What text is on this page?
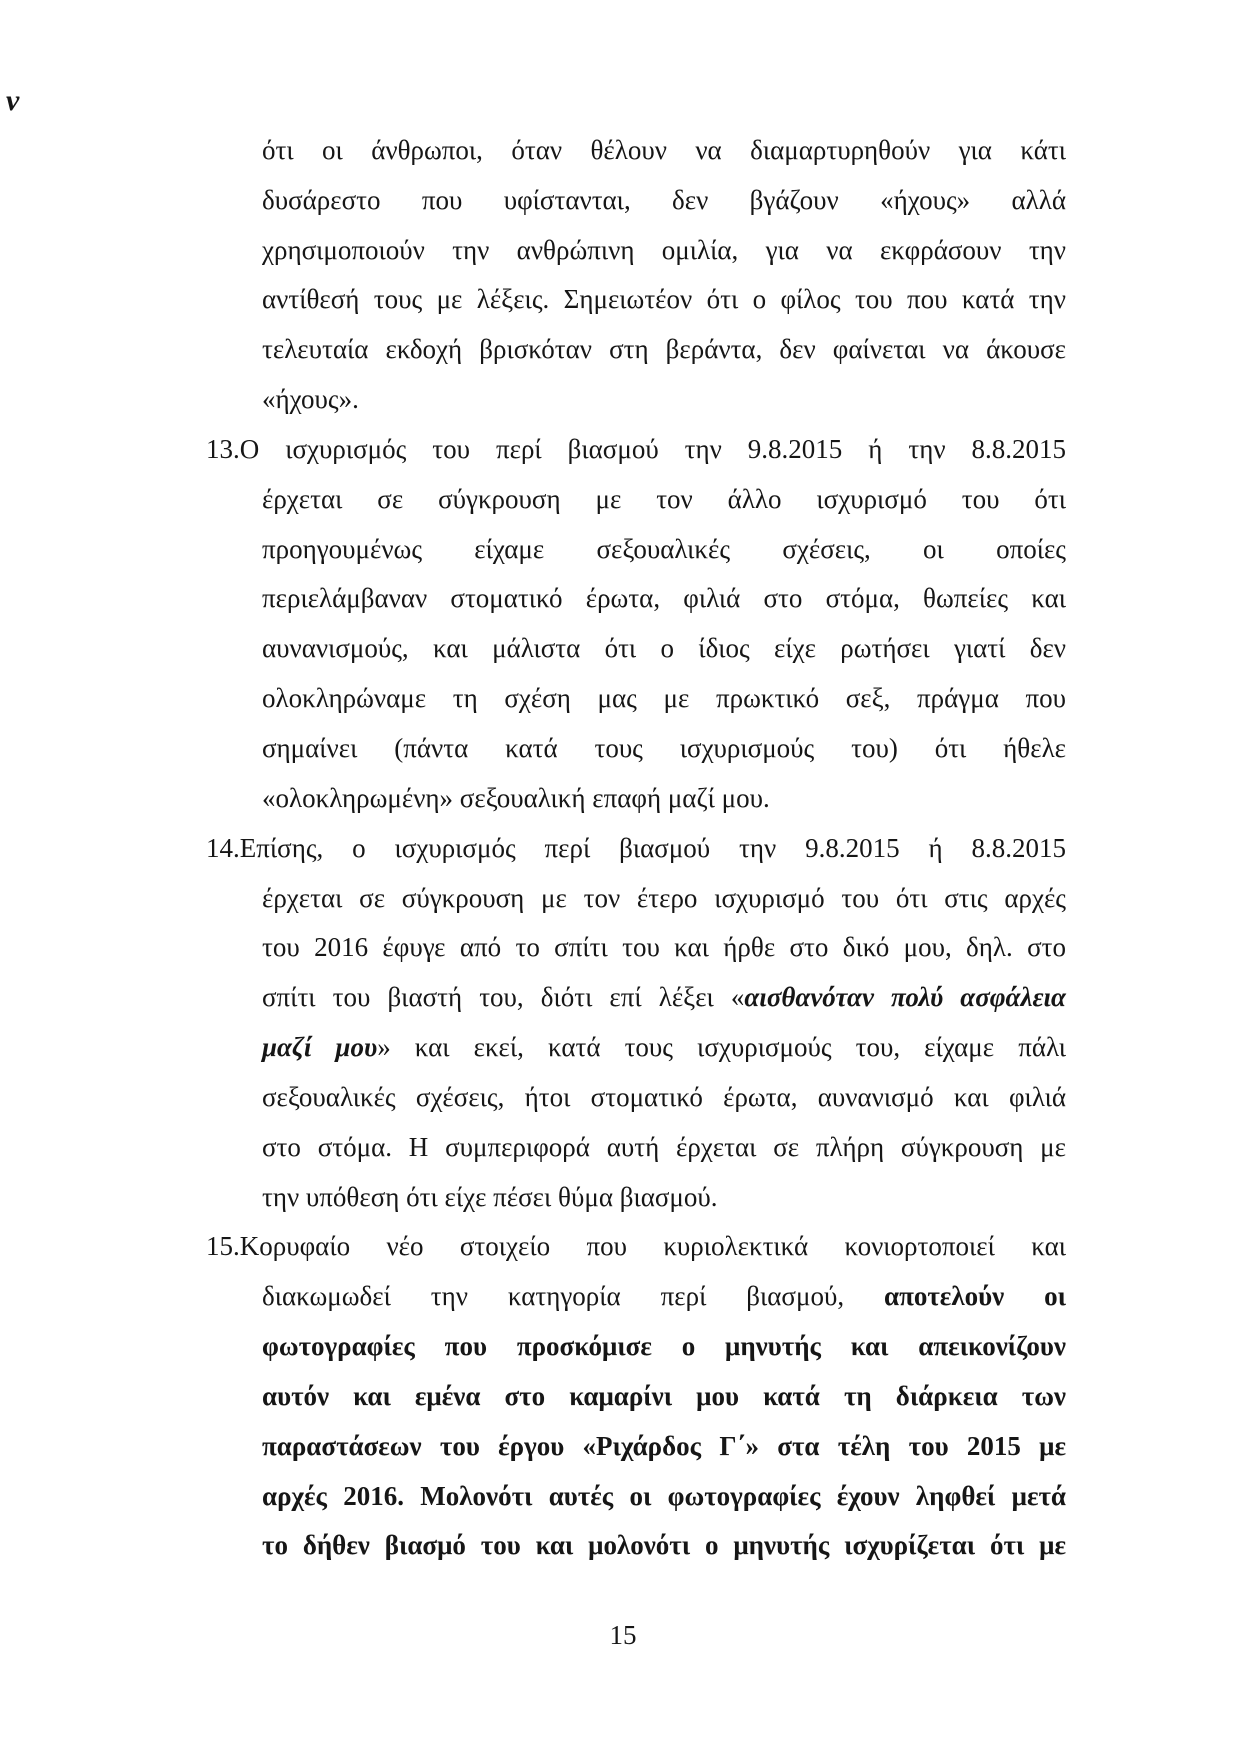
ν
ότι οι άνθρωποι, όταν θέλουν να διαμαρτυρηθούν για κάτι
δυσάρεστο που υφίστανται, δεν βγάζουν «ήχους» αλλά
χρησιμοποιούν την ανθρώπινη ομιλία, για να εκφράσουν την
αντίθεσή τους με λέξεις. Σημειωτέον ότι ο φίλος του που κατά την
τελευταία εκδοχή βρισκόταν στη βεράντα, δεν φαίνεται να άκουσε
«ήχους».
13.Ο ισχυρισμός του περί βιασμού την 9.8.2015 ή την 8.8.2015
έρχεται σε σύγκρουση με τον άλλο ισχυρισμό του ότι
προηγουμένως είχαμε σεξουαλικές σχέσεις, οι οποίες
περιελάμβαναν στοματικό έρωτα, φιλιά στο στόμα, θωπείες και
αυνανισμούς, και μάλιστα ότι ο ίδιος είχε ρωτήσει γιατί δεν
ολοκληρώναμε τη σχέση μας με πρωκτικό σεξ, πράγμα που
σημαίνει (πάντα κατά τους ισχυρισμούς του) ότι ήθελε
«ολοκληρωμένη» σεξουαλική επαφή μαζί μου.
14.Επίσης, ο ισχυρισμός περί βιασμού την 9.8.2015 ή 8.8.2015
έρχεται σε σύγκρουση με τον έτερο ισχυρισμό του ότι στις αρχές
του 2016 έφυγε από το σπίτι του και ήρθε στο δικό μου, δηλ. στο
σπίτι του βιαστή του, διότι επί λέξει «αισθανόταν πολύ ασφάλεια
μαζί μου» και εκεί, κατά τους ισχυρισμούς του, είχαμε πάλι
σεξουαλικές σχέσεις, ήτοι στοματικό έρωτα, αυνανισμό και φιλιά
στο στόμα. Η συμπεριφορά αυτή έρχεται σε πλήρη σύγκρουση με
την υπόθεση ότι είχε πέσει θύμα βιασμού.
15.Κορυφαίο νέο στοιχείο που κυριολεκτικά κονιορτοποιεί και
διακωμωδεί την κατηγορία περί βιασμού, αποτελούν οι
φωτογραφίες που προσκόμισε ο μηνυτής και απεικονίζουν
αυτόν και εμένα στο καμαρίνι μου κατά τη διάρκεια των
παραστάσεων του έργου «Ριχάρδος Γ΄» στα τέλη του 2015 με
αρχές 2016. Μολονότι αυτές οι φωτογραφίες έχουν ληφθεί μετά
το δήθεν βιασμό του και μολονότι ο μηνυτής ισχυρίζεται ότι με
15
